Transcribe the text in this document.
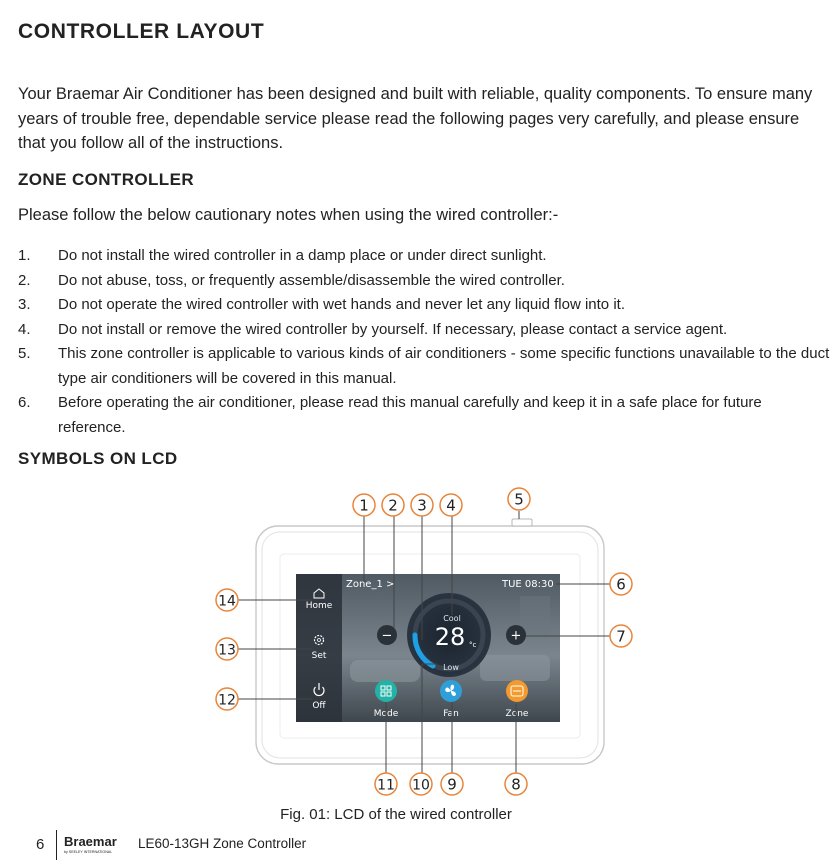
CONTROLLER LAYOUT

Your Braemar Air Conditioner has been designed and built with reliable, quality components. To ensure many years of trouble free, dependable service please read the following pages very carefully, and please ensure that you follow all of the instructions.

ZONE CONTROLLER

Please follow the below cautionary notes when using the wired controller:-

1. Do not install the wired controller in a damp place or under direct sunlight.
2. Do not abuse, toss, or frequently assemble/disassemble the wired controller.
3. Do not operate the wired controller with wet hands and never let any liquid flow into it.
4. Do not install or remove the wired controller by yourself. If necessary, please contact a service agent.
5. This zone controller is applicable to various kinds of air conditioners - some specific functions unavailable to the duct type air conditioners will be covered in this manual.
6. Before operating the air conditioner, please read this manual carefully and keep it in a safe place for future reference.
SYMBOLS ON LCD
Zone_1 >	TUE 08:30
Home
Set
Off
Cool
28 °c
Low
−	+
Mode	Fan	Zone
1 2 3 4	5
6
7
8
9
10
11
12
13
14
Fig. 01: LCD of the wired controller
6 Braemar
by SEELEY INTERNATIONAL
LE60-13GH Zone Controller
